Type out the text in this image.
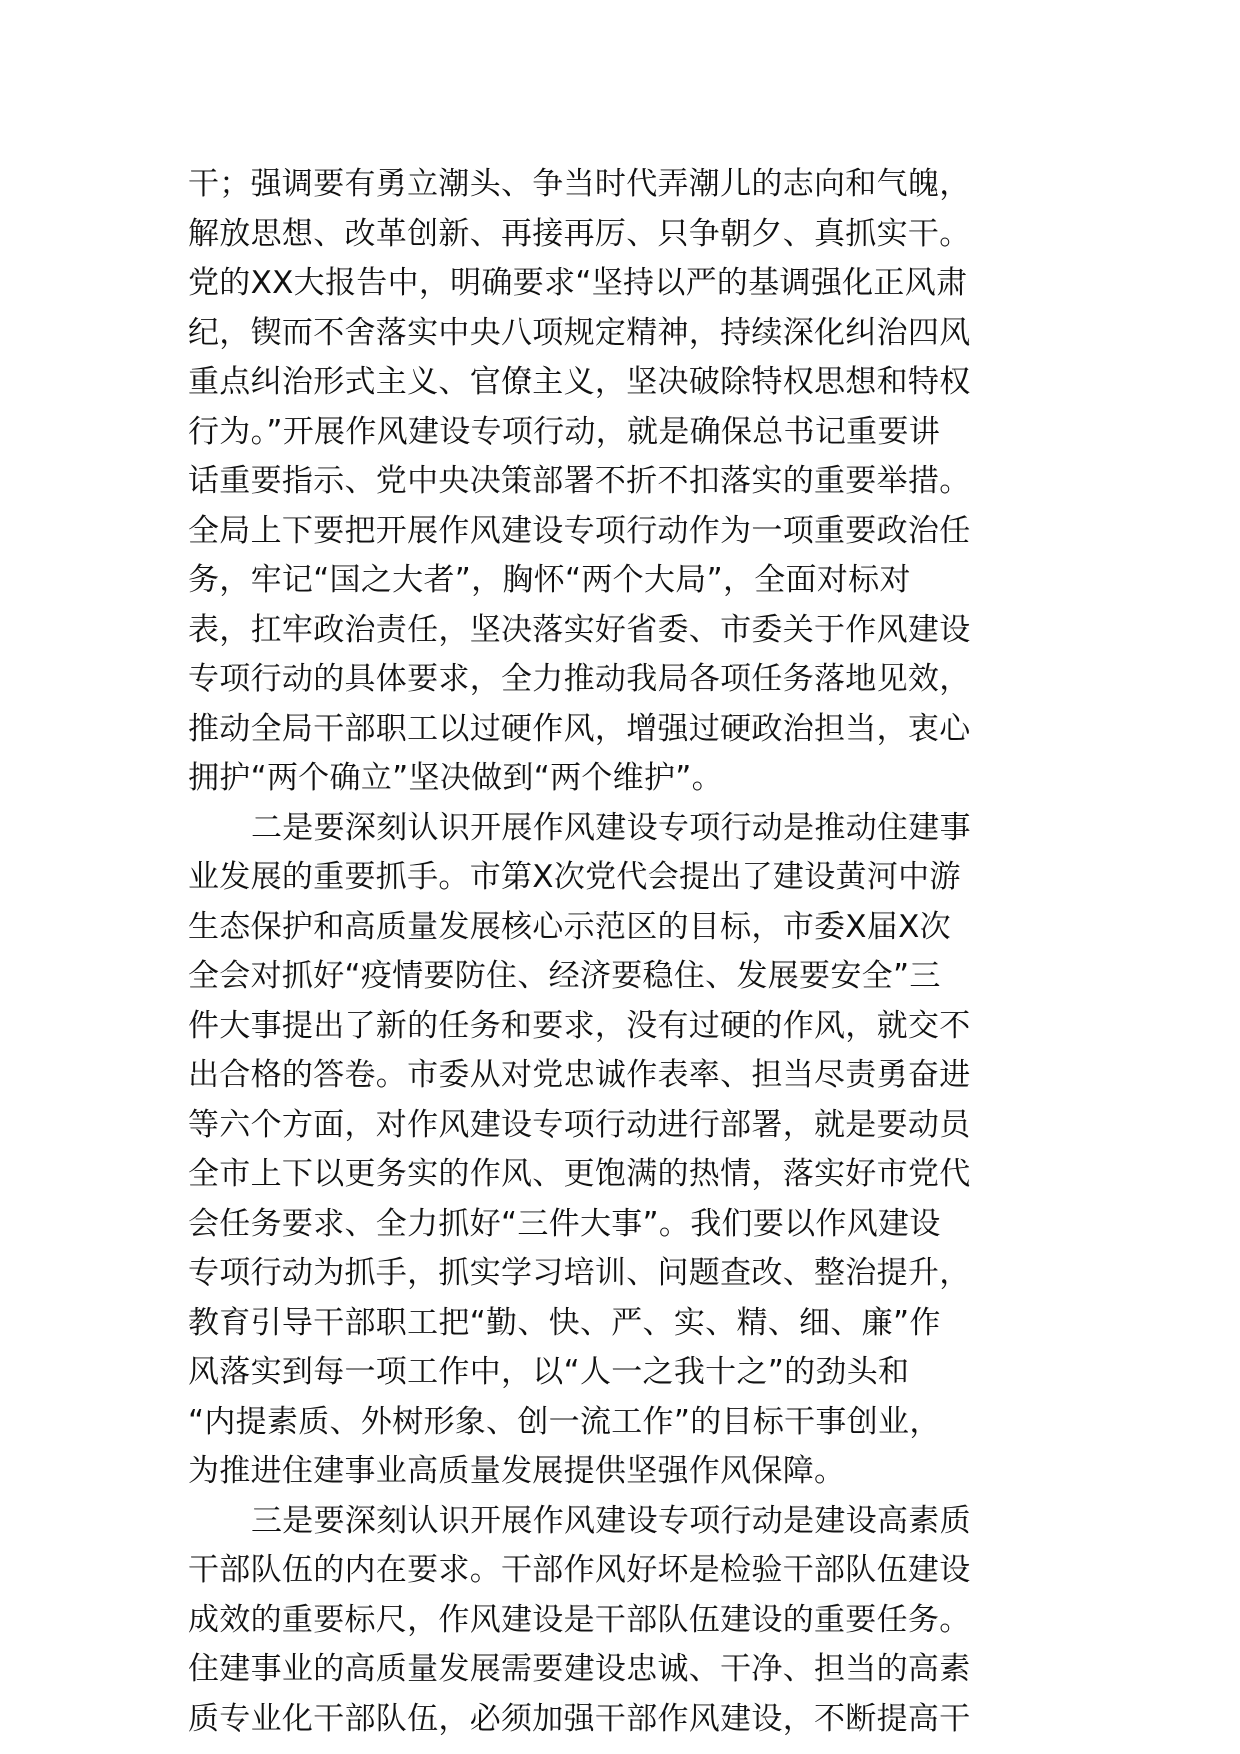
干；强调要有勇立潮头、争当时代弄潮儿的志向和气魄，
解放思想、改革创新、再接再厉、只争朝夕、真抓实干。
党的XX大报告中，明确要求“坚持以严的基调强化正风肃
纪，锲而不舍落实中央八项规定精神，持续深化纠治四风
重点纠治形式主义、官僚主义，坚决破除特权思想和特权
行为。”开展作风建设专项行动，就是确保总书记重要讲
话重要指示、党中央决策部署不折不扣落实的重要举措。
全局上下要把开展作风建设专项行动作为一项重要政治任
务，牢记“国之大者”，胸怀“两个大局”，全面对标对
表，扛牢政治责任，坚决落实好省委、市委关于作风建设
专项行动的具体要求，全力推动我局各项任务落地见效，
推动全局干部职工以过硬作风，增强过硬政治担当，衷心
拥护“两个确立”坚决做到“两个维护”。
二是要深刻认识开展作风建设专项行动是推动住建事
业发展的重要抓手。市第X次党代会提出了建设黄河中游
生态保护和高质量发展核心示范区的目标，市委X届X次
全会对抓好“疫情要防住、经济要稳住、发展要安全”三
件大事提出了新的任务和要求，没有过硬的作风，就交不
出合格的答卷。市委从对党忠诚作表率、担当尽责勇奋进
等六个方面，对作风建设专项行动进行部署，就是要动员
全市上下以更务实的作风、更饱满的热情，落实好市党代
会任务要求、全力抓好“三件大事”。我们要以作风建设
专项行动为抓手，抓实学习培训、问题查改、整治提升，
教育引导干部职工把“勤、快、严、实、精、细、廉”作
风落实到每一项工作中，以“人一之我十之”的劲头和
“内提素质、外树形象、创一流工作”的目标干事创业，
为推进住建事业高质量发展提供坚强作风保障。
三是要深刻认识开展作风建设专项行动是建设高素质
干部队伍的内在要求。干部作风好坏是检验干部队伍建设
成效的重要标尺，作风建设是干部队伍建设的重要任务。
住建事业的高质量发展需要建设忠诚、干净、担当的高素
质专业化干部队伍，必须加强干部作风建设，不断提高干
